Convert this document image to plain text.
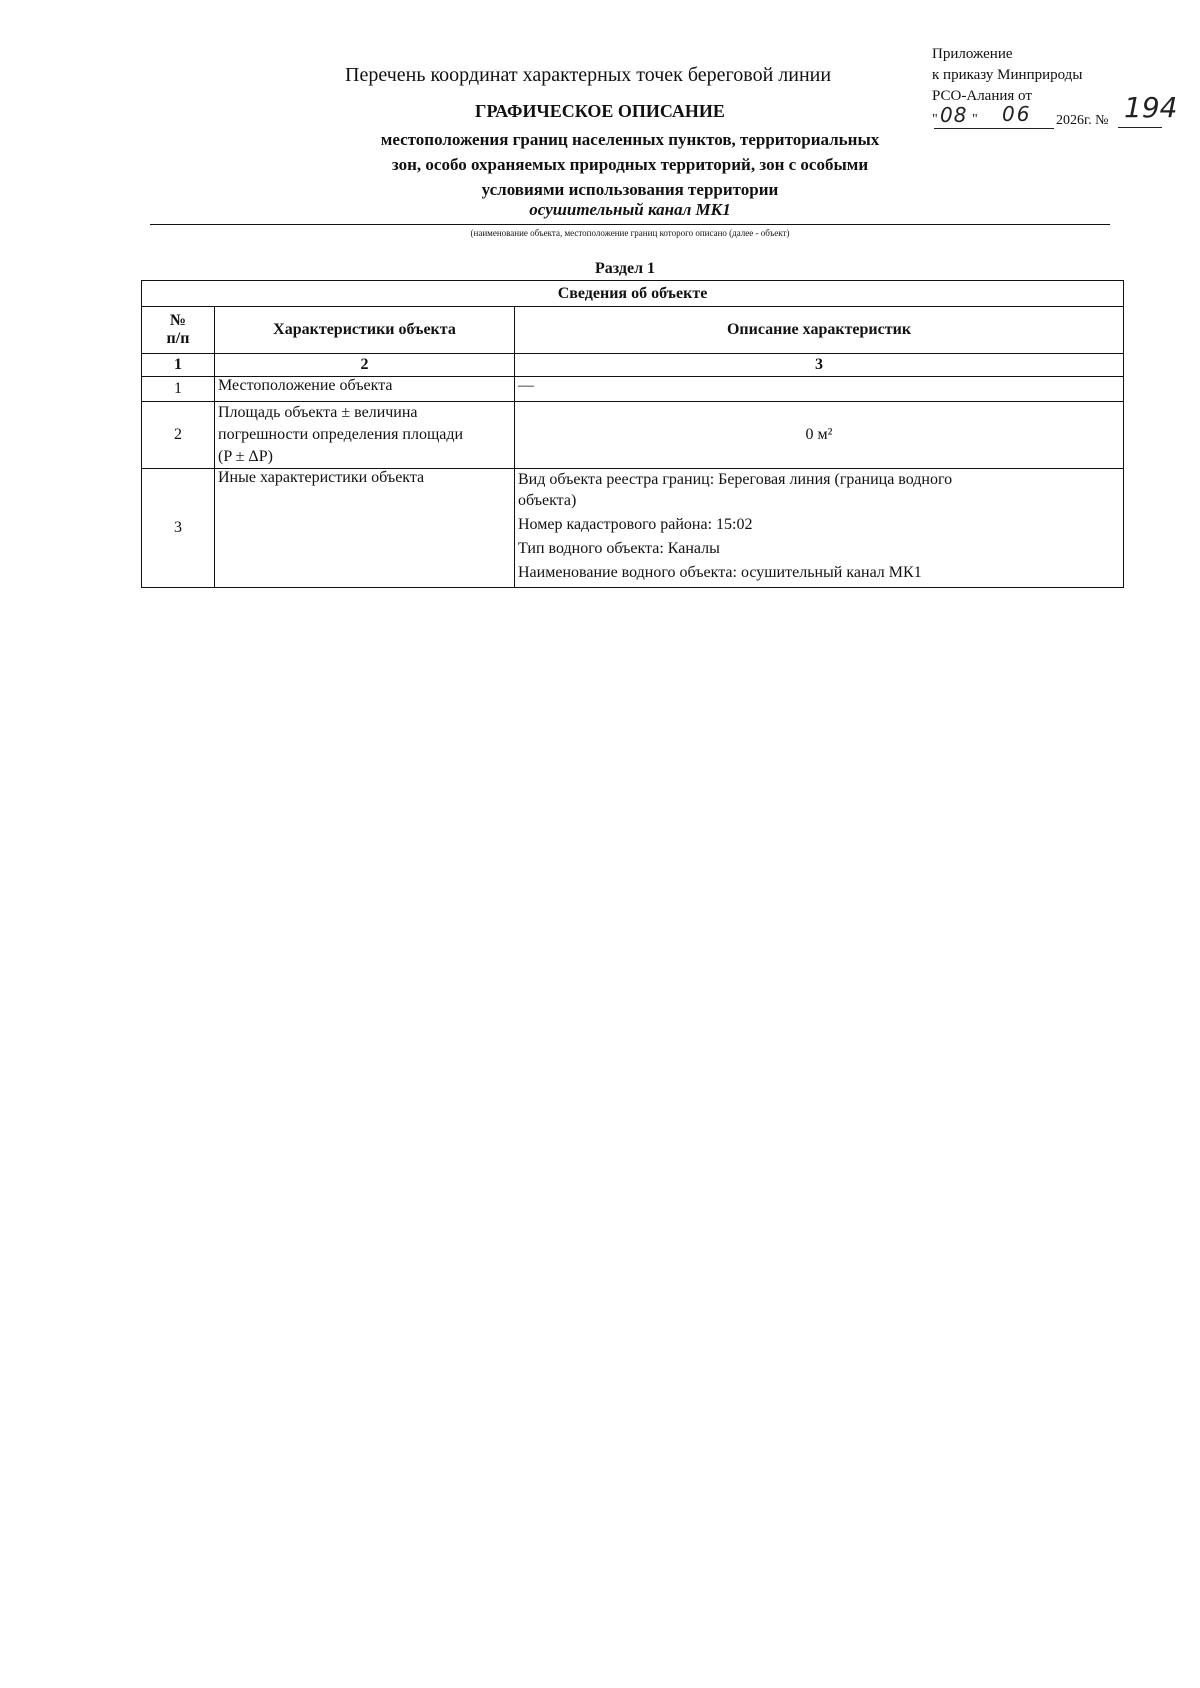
Приложение
к приказу Минприроды
РСО-Алания от
" 08 " 06 2026г. № 194
Перечень координат характерных точек береговой линии
ГРАФИЧЕСКОЕ ОПИСАНИЕ
местоположения границ населенных пунктов, территориальных
зон, особо охраняемых природных территорий, зон с особыми
условиями использования территории
осушительный канал МК1
(наименование объекта, местоположение границ которого описано (далее - объект)
Раздел 1
Сведения об объекте		

№
п/п	Характеристики объекта	Описание характеристик
1	2	3
1	Местоположение объекта	—
2	Площадь объекта ± величина
погрешности определения площади
(P ± ΔP)	0 м²
3	Иные характеристики объекта	Вид объекта реестра границ: Береговая линия (граница водного
объекта)
Номер кадастрового района: 15:02
Тип водного объекта: Каналы
Наименование водного объекта: осушительный канал МК1
